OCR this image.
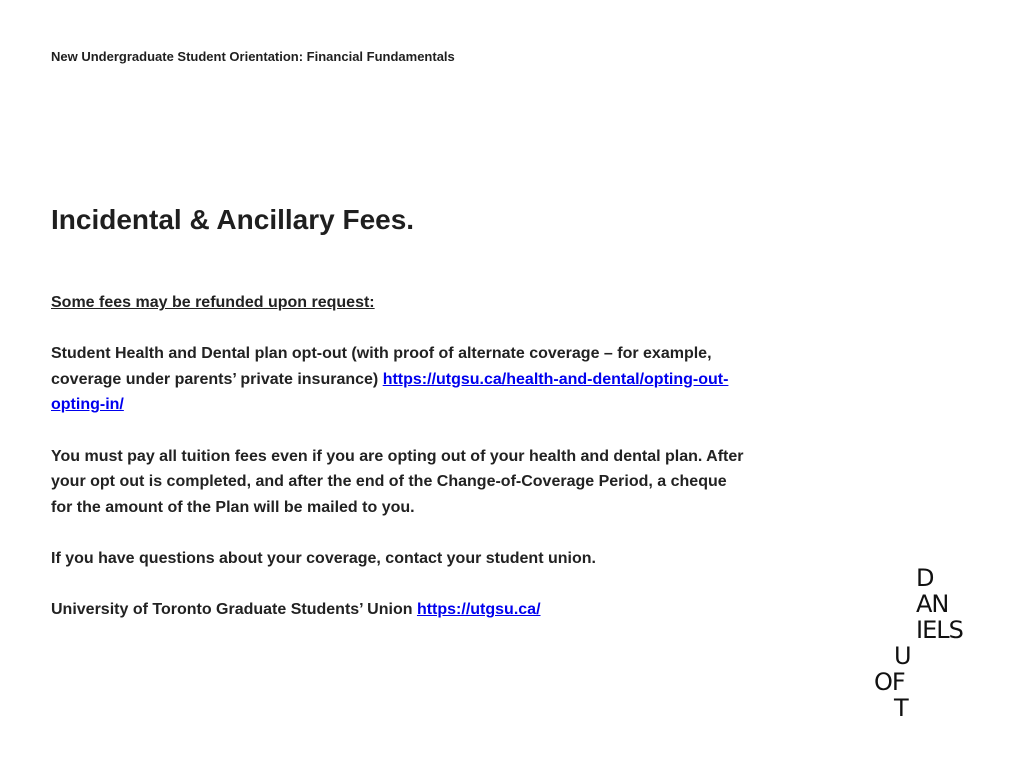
New Undergraduate Student Orientation: Financial Fundamentals
Incidental & Ancillary Fees.

Some fees may be refunded upon request:

Student Health and Dental plan opt-out (with proof of alternate coverage – for example, coverage under parents’ private insurance) https://utgsu.ca/health-and-dental/opting-out-opting-in/

You must pay all tuition fees even if you are opting out of your health and dental plan. After your opt out is completed, and after the end of the Change-of-Coverage Period, a cheque for the amount of the Plan will be mailed to you.

If you have questions about your coverage, contact your student union.

University of Toronto Graduate Students’ Union https://utgsu.ca/

D
AN
IELS
U
OF
T
